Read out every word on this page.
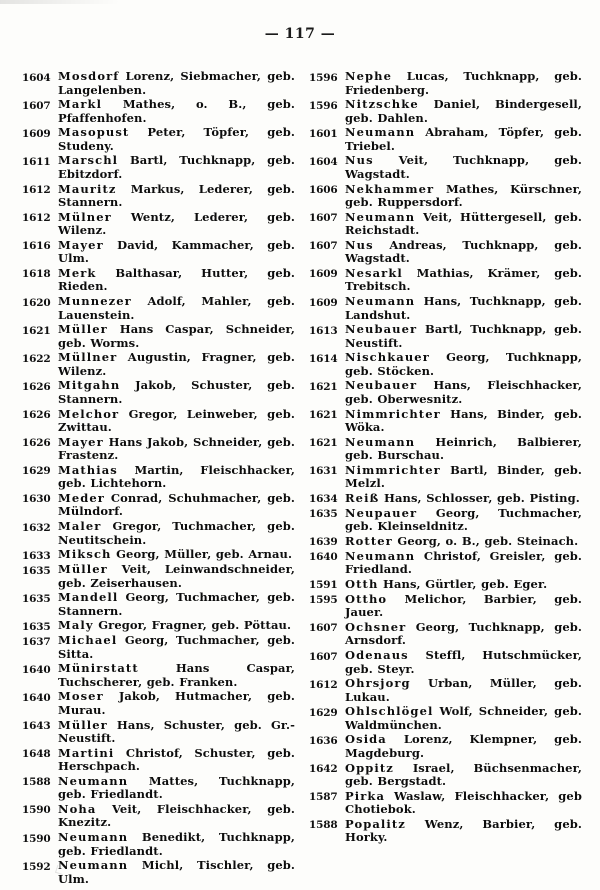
— 117 —
1604 Mosdorf Lorenz, Siebmacher, geb. Langelenben.
1607 Markl Mathes, o. B., geb. Pfaffenhofen.
1609 Masopust Peter, Töpfer, geb. Studeny.
1611 Marschl Bartl, Tuchknapp, geb. Ebitzdorf.
1612 Mauritz Markus, Lederer, geb. Stannern.
1612 Mülner Wentz, Lederer, geb. Wilenz.
1616 Mayer David, Kammacher, geb. Ulm.
1618 Merk Balthasar, Hutter, geb. Rieden.
1620 Munnezer Adolf, Mahler, geb. Lauenstein.
1621 Müller Hans Caspar, Schneider, geb. Worms.
1622 Müllner Augustin, Fragner, geb. Wilenz.
1626 Mitgahn Jakob, Schuster, geb. Stannern.
1626 Melchor Gregor, Leinweber, geb. Zwittau.
1626 Mayer Hans Jakob, Schneider, geb. Frastenz.
1629 Mathias Martin, Fleischhacker, geb. Lichtehorn.
1630 Meder Conrad, Schuhmacher, geb. Mülndorf.
1632 Maler Gregor, Tuchmacher, geb. Neutitschein.
1633 Miksch Georg, Müller, geb. Arnau.
1635 Müller Veit, Leinwandschneider, geb. Zeiserhausen.
1635 Mandell Georg, Tuchmacher, geb. Stannern.
1635 Maly Gregor, Fragner, geb. Pöttau.
1637 Michael Georg, Tuchmacher, geb. Sitta.
1640 Münirstatt Hans Caspar, Tuchscherer, geb. Franken.
1640 Moser Jakob, Hutmacher, geb. Murau.
1643 Müller Hans, Schuster, geb. Gr.-Neustift.
1648 Martini Christof, Schuster, geb. Herschpach.
1588 Neumann Mattes, Tuchknapp, geb. Friedlandt.
1590 Noha Veit, Fleischhacker, geb. Knezitz.
1590 Neumann Benedikt, Tuchknapp, geb. Friedlandt.
1592 Neumann Michl, Tischler, geb. Ulm.
1596 Nephe Lucas, Tuchknapp, geb. Friedenberg.
1596 Nitzschke Daniel, Bindergesell, geb. Dahlen.
1601 Neumann Abraham, Töpfer, geb. Triebel.
1604 Nus Veit, Tuchknapp, geb. Wagstadt.
1606 Nekhammer Mathes, Kürschner, geb. Ruppersdorf.
1607 Neumann Veit, Hüttergesell, geb. Reichstadt.
1607 Nus Andreas, Tuchknapp, geb. Wagstadt.
1609 Nesarkl Mathias, Krämer, geb. Trebitsch.
1609 Neumann Hans, Tuchknapp, geb. Landshut.
1613 Neubauer Bartl, Tuchknapp, geb. Neustift.
1614 Nischkauer Georg, Tuchknapp, geb. Stöcken.
1621 Neubauer Hans, Fleischhacker, geb. Oberwesnitz.
1621 Nimmrichter Hans, Binder, geb. Wöka.
1621 Neumann Heinrich, Balbierer, geb. Burschau.
1631 Nimmrichter Bartl, Binder, geb. Melzl.
1634 Reiß Hans, Schlosser, geb. Pisting.
1635 Neupauer Georg, Tuchmacher, geb. Kleinseldnitz.
1639 Rotter Georg, o. B., geb. Steinach.
1640 Neumann Christof, Greisler, geb. Friedland.
1591 Otth Hans, Gürtler, geb. Eger.
1595 Ottho Melichor, Barbier, geb. Jauer.
1607 Ochsner Georg, Tuchknapp, geb. Arnsdorf.
1607 Odenaus Steffl, Hutschmücker, geb. Steyr.
1612 Ohrsjorg Urban, Müller, geb. Lukau.
1629 Ohlschlögel Wolf, Schneider, geb. Waldmünchen.
1636 Osida Lorenz, Klempner, geb. Magdeburg.
1642 Oppitz Israel, Büchsenmacher, geb. Bergstadt.
1587 Pirka Waslaw, Fleischhacker, geb Chotiebok.
1588 Popalitz Wenz, Barbier, geb. Horky.
